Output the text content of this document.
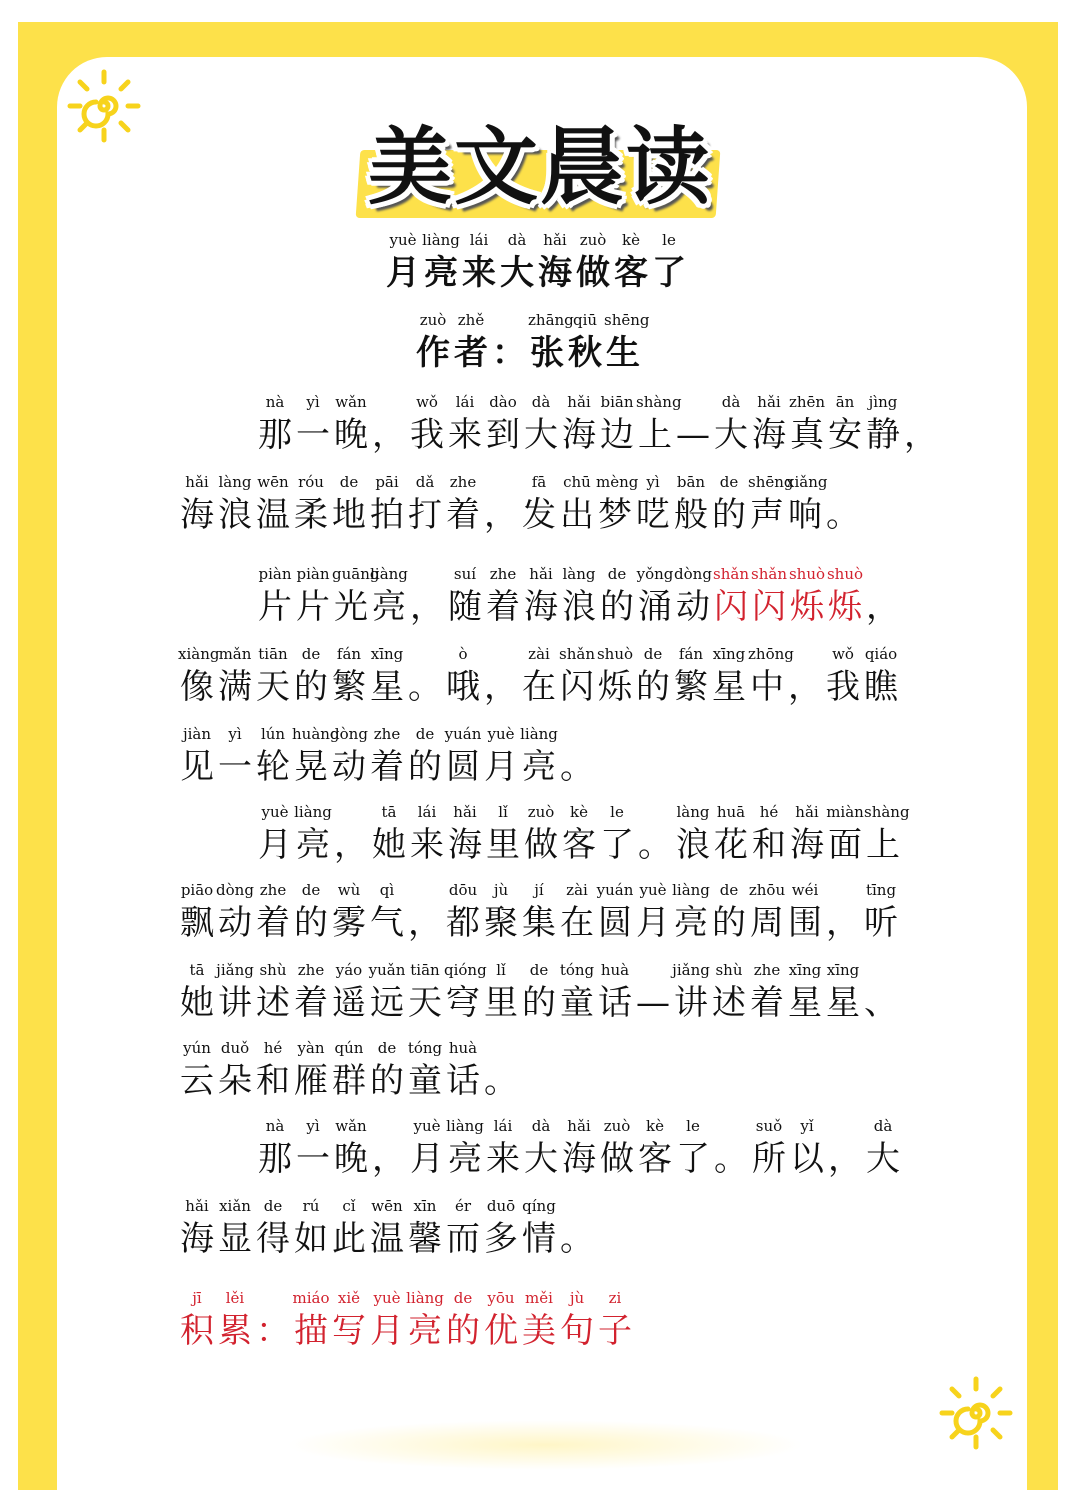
美文晨读
yuè
月
liàng
亮
lái
来
dà
大
hǎi
海
zuò
做
kè
客
le
了
zuò
作
zhě
者 ：
zhāng
张
qiū
秋
shēng
生
nà
那
yì
一
wǎn
晚 ，
wǒ
我
lái
来
dào
到
dà
大
hǎi
海
biān
边
shàng
上 —
dà
大
hǎi
海
zhēn
真
ān
安
jìng
静 ，
hǎi
海
làng
浪
wēn
温
róu
柔
de
地
pāi
拍
dǎ
打
zhe
着 ，
fā
发
chū
出
mèng
梦
yì
呓
bān
般
de
的
shēng
声
xiǎng
响 。
piàn
片
piàn
片
guāng
光
liàng
亮 ，
suí
随
zhe
着
hǎi
海
làng
浪
de
的
yǒng
涌
dòng
动
shǎn
闪
shǎn
闪
shuò
烁
shuò
烁 ，
xiàng
像
mǎn
满
tiān
天
de
的
fán
繁
xīng
星 。
ò
哦 ，
zài
在
shǎn
闪
shuò
烁
de
的
fán
繁
xīng
星
zhōng
中 ，
wǒ
我
qiáo
瞧
jiàn
见
yì
一
lún
轮
huàng
晃
dòng
动
zhe
着
de
的
yuán
圆
yuè
月
liàng
亮 。
yuè
月
liàng
亮 ，
tā
她
lái
来
hǎi
海
lǐ
里
zuò
做
kè
客
le
了 。
làng
浪
huā
花
hé
和
hǎi
海
miàn
面
shàng
上
piāo
飘
dòng
动
zhe
着
de
的
wù
雾
qì
气 ，
dōu
都
jù
聚
jí
集
zài
在
yuán
圆
yuè
月
liàng
亮
de
的
zhōu
周
wéi
围 ，
tīng
听
tā
她
jiǎng
讲
shù
述
zhe
着
yáo
遥
yuǎn
远
tiān
天
qióng
穹
lǐ
里
de
的
tóng
童
huà
话 —
jiǎng
讲
shù
述
zhe
着
xīng
星
xīng
星 、
yún
云
duǒ
朵
hé
和
yàn
雁
qún
群
de
的
tóng
童
huà
话 。
nà
那
yì
一
wǎn
晚 ，
yuè
月
liàng
亮
lái
来
dà
大
hǎi
海
zuò
做
kè
客
le
了 。
suǒ
所
yǐ
以 ，
dà
大
hǎi
海
xiǎn
显
de
得
rú
如
cǐ
此
wēn
温
xīn
馨
ér
而
duō
多
qíng
情 。
jī
积
lěi
累 ：
miáo
描
xiě
写
yuè
月
liàng
亮
de
的
yōu
优
měi
美
jù
句
zi
子
